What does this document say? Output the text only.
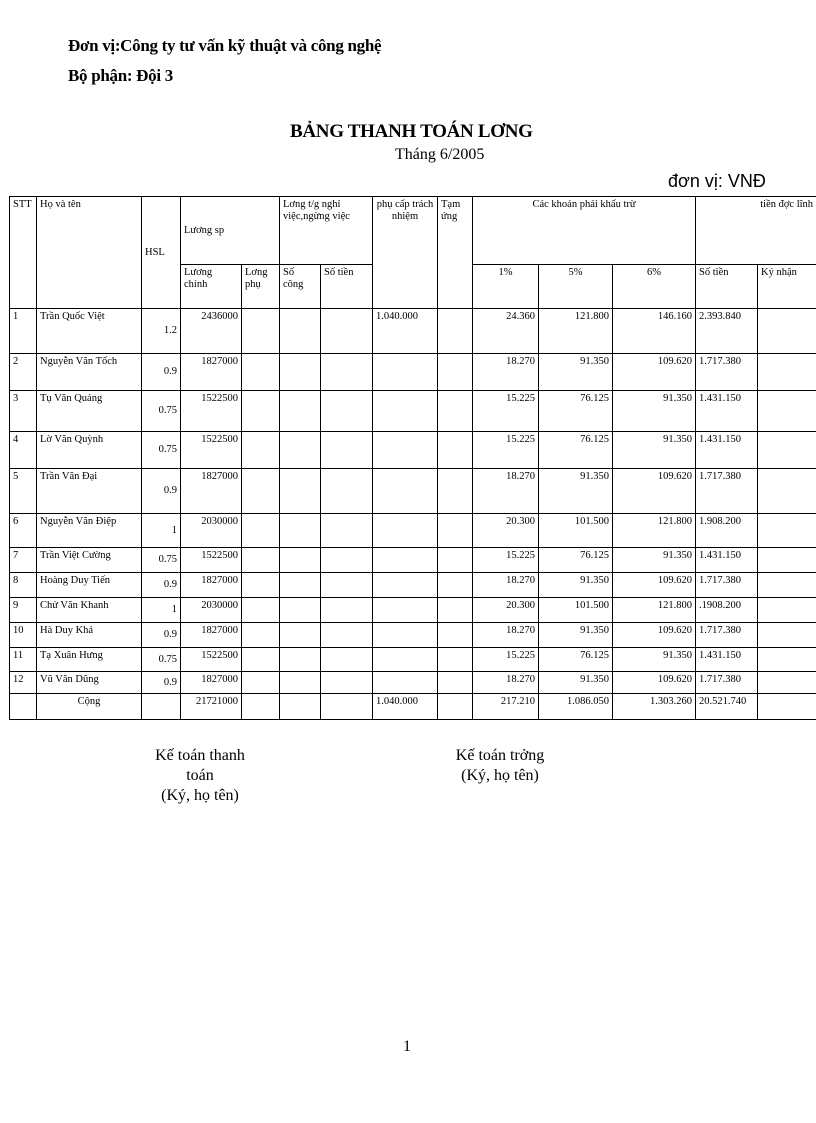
Đơn vị:Công ty tư vấn kỹ thuật và công nghệ
Bộ phận: Đội 3
BẢNG THANH TOÁN LƠNG
Tháng 6/2005
đơn vị: VNĐ
STT	Họ và tên	HSL	Lương sp		Lơng t/g nghỉ việc,ngừng việc		phụ cấp trách nhiệm	Tạm ứng	Các khoản phải khấu trừ			tiền đợc lĩnh	
			Lương chính	Lơng phụ	Số công	Số tiền			1%	5%	6%	Số tiền	Ký nhận
1	Trần Quốc Việt	1.2	2436000				1.040.000		24.360	121.800	146.160	2.393.840	
2	Nguyễn Văn Tốch	0.9	1827000						18.270	91.350	109.620	1.717.380	
3	Tụ Văn Quảng	0.75	1522500						15.225	76.125	91.350	1.431.150	
4	Lờ Văn Quỳnh	0.75	1522500						15.225	76.125	91.350	1.431.150	
5	Trần Văn Đại	0.9	1827000						18.270	91.350	109.620	1.717.380	
6	Nguyễn Văn Điệp	1	2030000						20.300	101.500	121.800	1.908.200	
7	Trần Việt Cường	0.75	1522500						15.225	76.125	91.350	1.431.150	
8	Hoàng Duy Tiến	0.9	1827000						18.270	91.350	109.620	1.717.380	
9	Chử Văn Khanh	1	2030000						20.300	101.500	121.800	.1908.200	
10	Hà Duy Khả	0.9	1827000						18.270	91.350	109.620	1.717.380	
11	Tạ Xuân Hưng	0.75	1522500						15.225	76.125	91.350	1.431.150	
12	Vũ Văn Dũng	0.9	1827000						18.270	91.350	109.620	1.717.380	
	Cộng		21721000				1.040.000		217.210	1.086.050	1.303.260	20.521.740	
Kế toán thanh toán
(Ký, họ tên)
Kế toán trởng
(Ký, họ tên)
1
